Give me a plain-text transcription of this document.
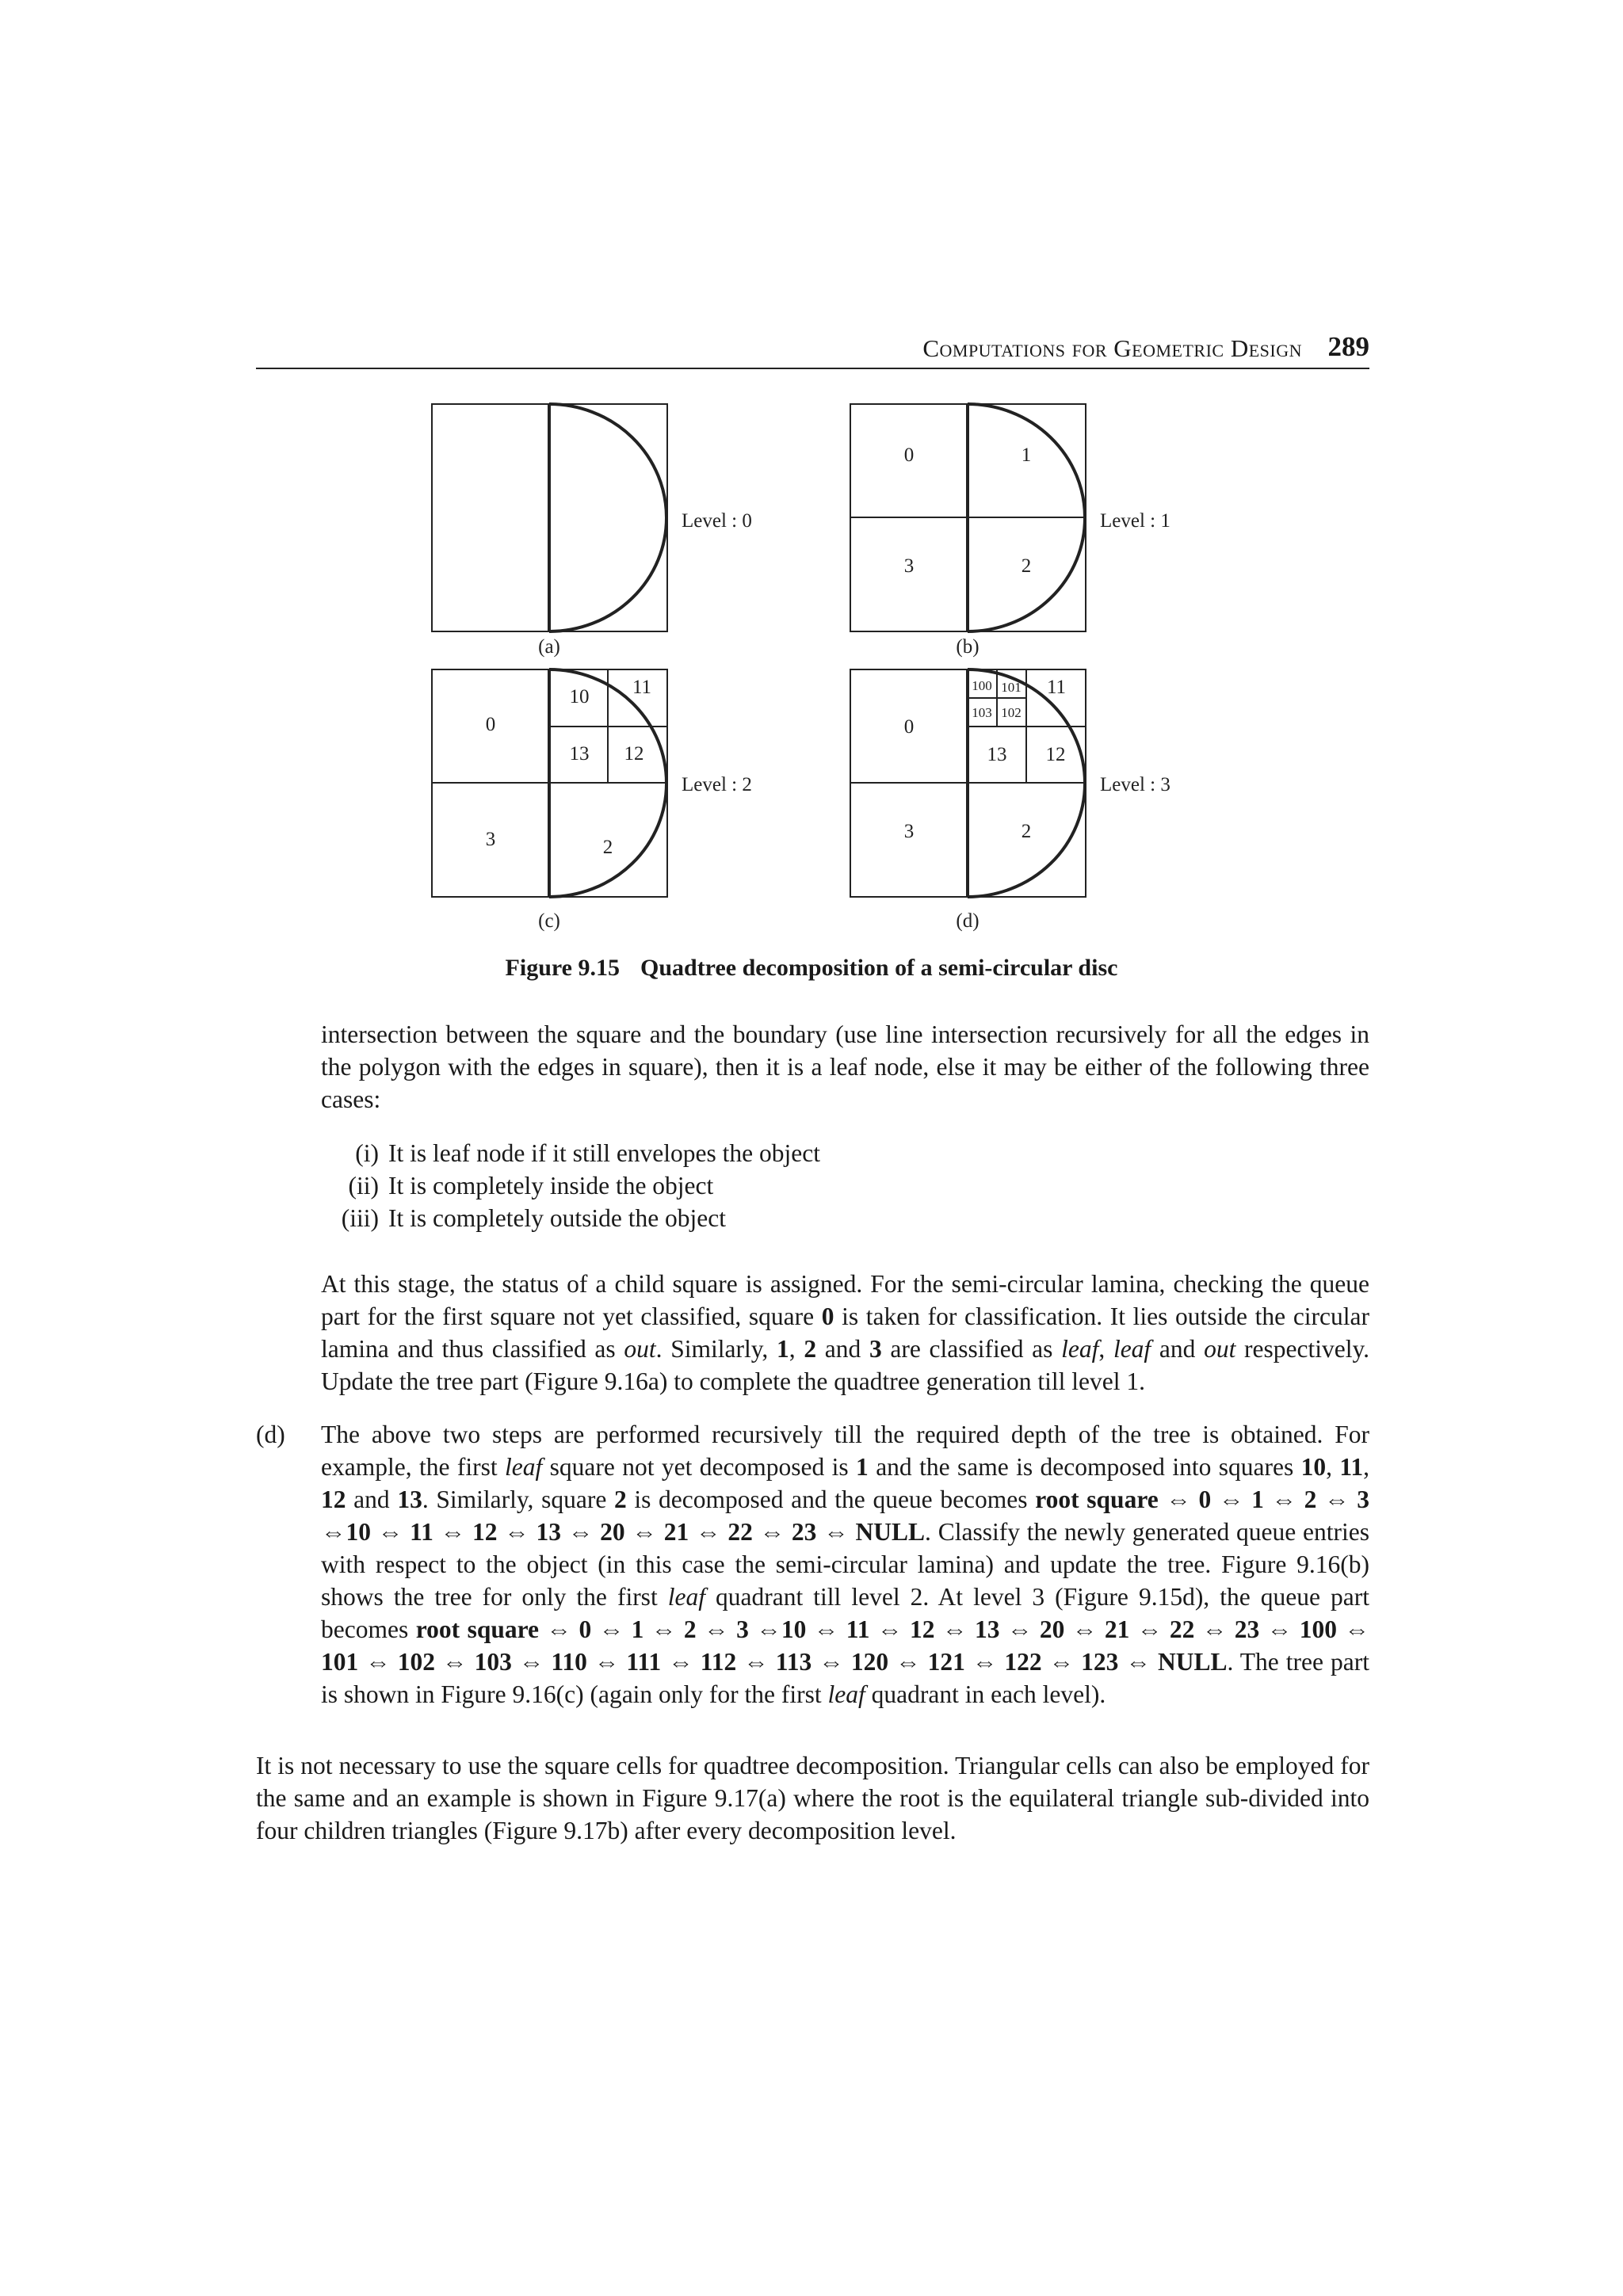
Computations for Geometric Design 289
Level : 0
(a)
0	1
3	2
Level : 1
(b)
0
10 11
13 12
3	2
Level : 2
(c)
0
11
13 12
3	2
Level : 3
(d)
100 101
103 102
Figure 9.15 Quadtree decomposition of a semi-circular disc
intersection between the square and the boundary (use line intersection recursively for all the edges in the polygon with the edges in square), then it is a leaf node, else it may be either of the following three cases:
(i) It is leaf node if it still envelopes the object
(ii) It is completely inside the object
(iii) It is completely outside the object
At this stage, the status of a child square is assigned. For the semi-circular lamina, checking the queue part for the first square not yet classified, square 0 is taken for classification. It lies outside the circular lamina and thus classified as out. Similarly, 1, 2 and 3 are classified as leaf, leaf and out respectively. Update the tree part (Figure 9.16a) to complete the quadtree generation till level 1.
(d) The above two steps are performed recursively till the required depth of the tree is obtained. For example, the first leaf square not yet decomposed is 1 and the same is decomposed into squares 10, 11, 12 and 13. Similarly, square 2 is decomposed and the queue becomes root square ⇔ 0 ⇔ 1 ⇔ 2 ⇔ 3 ⇔10 ⇔ 11 ⇔ 12 ⇔ 13 ⇔ 20 ⇔ 21 ⇔ 22 ⇔ 23 ⇔ NULL. Classify the newly generated queue entries with respect to the object (in this case the semi-circular lamina) and update the tree. Figure 9.16(b) shows the tree for only the first leaf quadrant till level 2. At level 3 (Figure 9.15d), the queue part becomes root square ⇔ 0 ⇔ 1 ⇔ 2 ⇔ 3 ⇔10 ⇔ 11 ⇔ 12 ⇔ 13 ⇔ 20 ⇔ 21 ⇔ 22 ⇔ 23 ⇔ 100 ⇔ 101 ⇔ 102 ⇔ 103 ⇔ 110 ⇔ 111 ⇔ 112 ⇔ 113 ⇔ 120 ⇔ 121 ⇔ 122 ⇔ 123 ⇔ NULL. The tree part is shown in Figure 9.16(c) (again only for the first leaf quadrant in each level).
It is not necessary to use the square cells for quadtree decomposition. Triangular cells can also be employed for the same and an example is shown in Figure 9.17(a) where the root is the equilateral triangle sub-divided into four children triangles (Figure 9.17b) after every decomposition level.
